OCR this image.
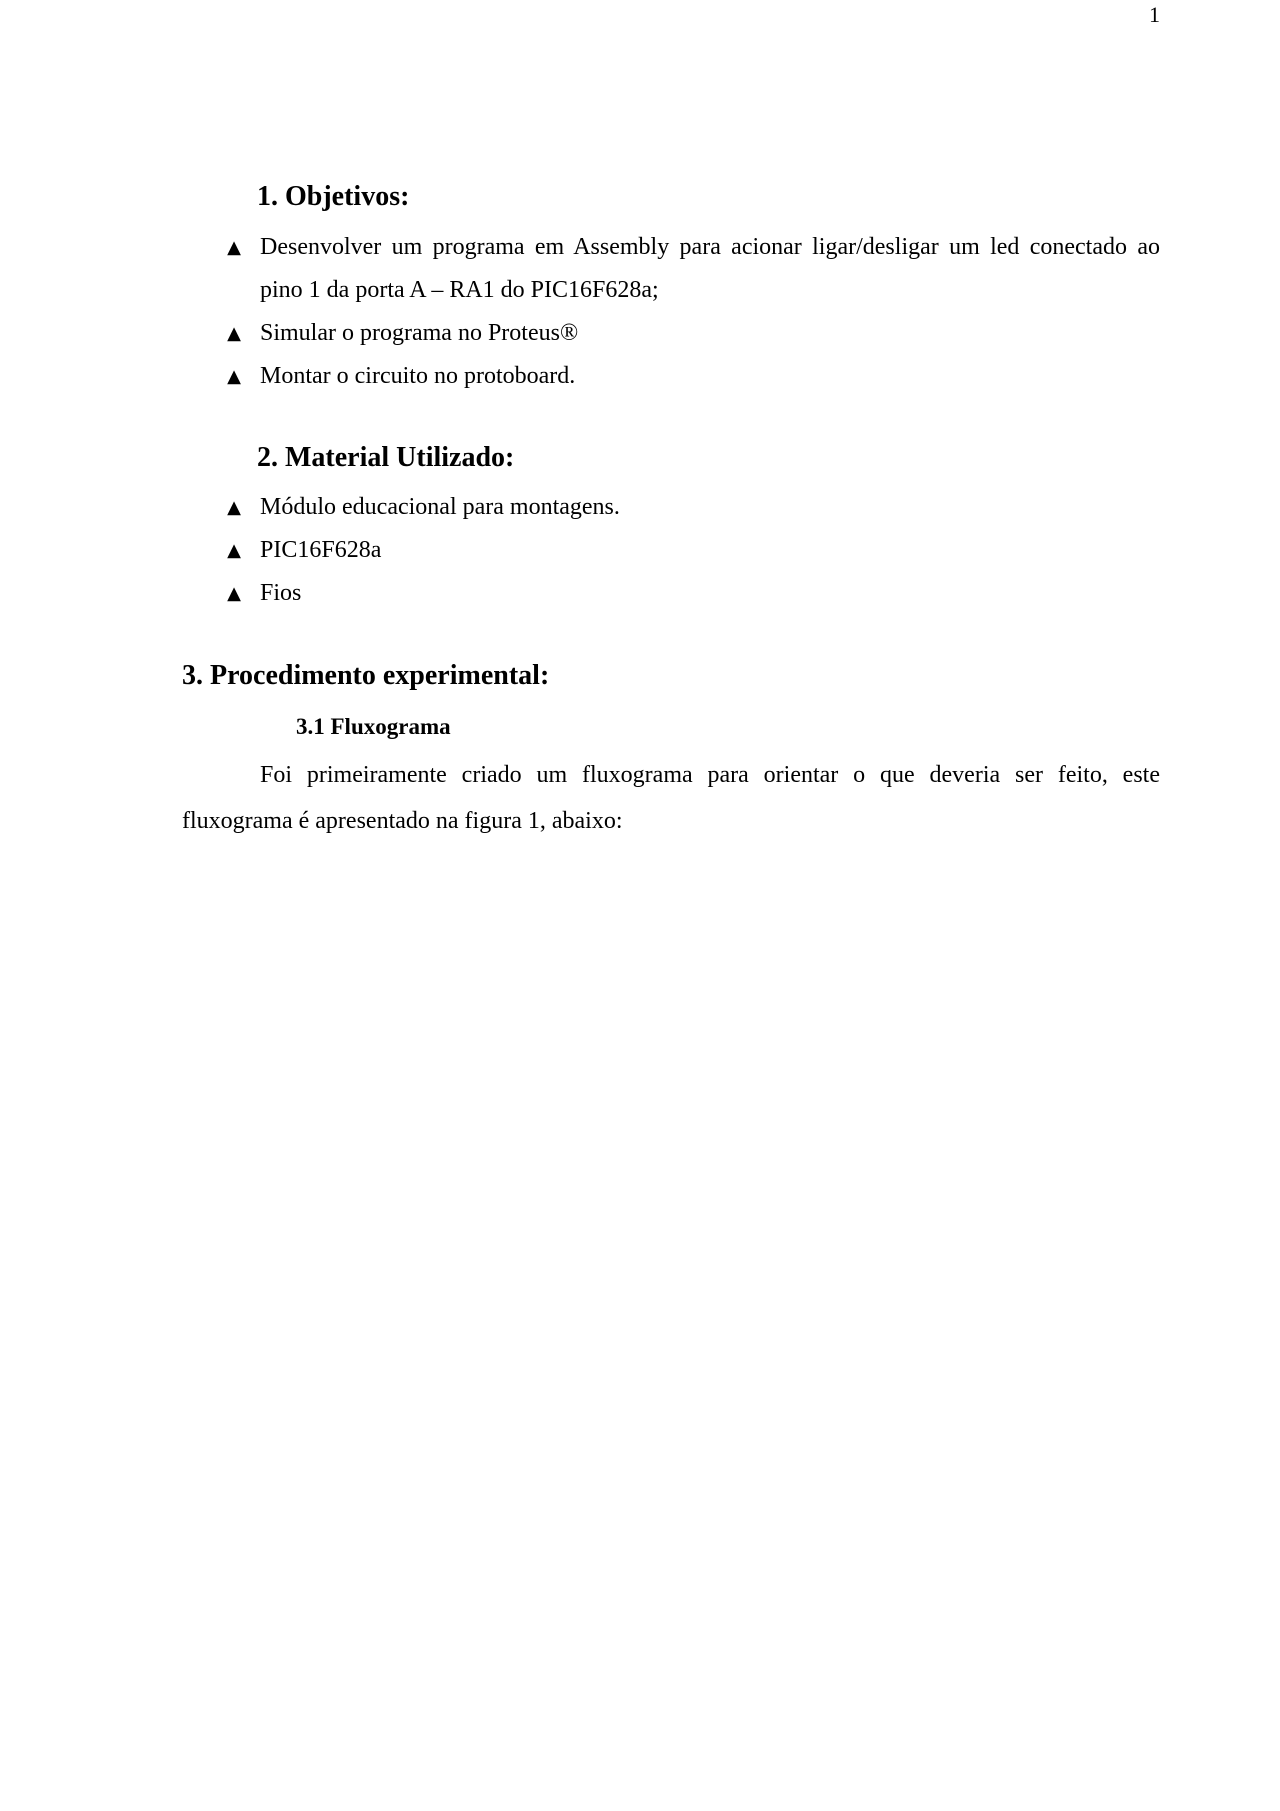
1
1. Objetivos:
▲ Desenvolver um programa em Assembly para acionar ligar/desligar um led conectado ao pino 1 da porta A – RA1 do PIC16F628a;
▲ Simular o programa no Proteus®
▲ Montar o circuito no protoboard.
2. Material Utilizado:
▲ Módulo educacional para montagens.
▲ PIC16F628a
▲ Fios
3. Procedimento experimental:
3.1 Fluxograma

Foi primeiramente criado um fluxograma para orientar o que deveria ser feito, este fluxograma é apresentado na figura 1, abaixo:
